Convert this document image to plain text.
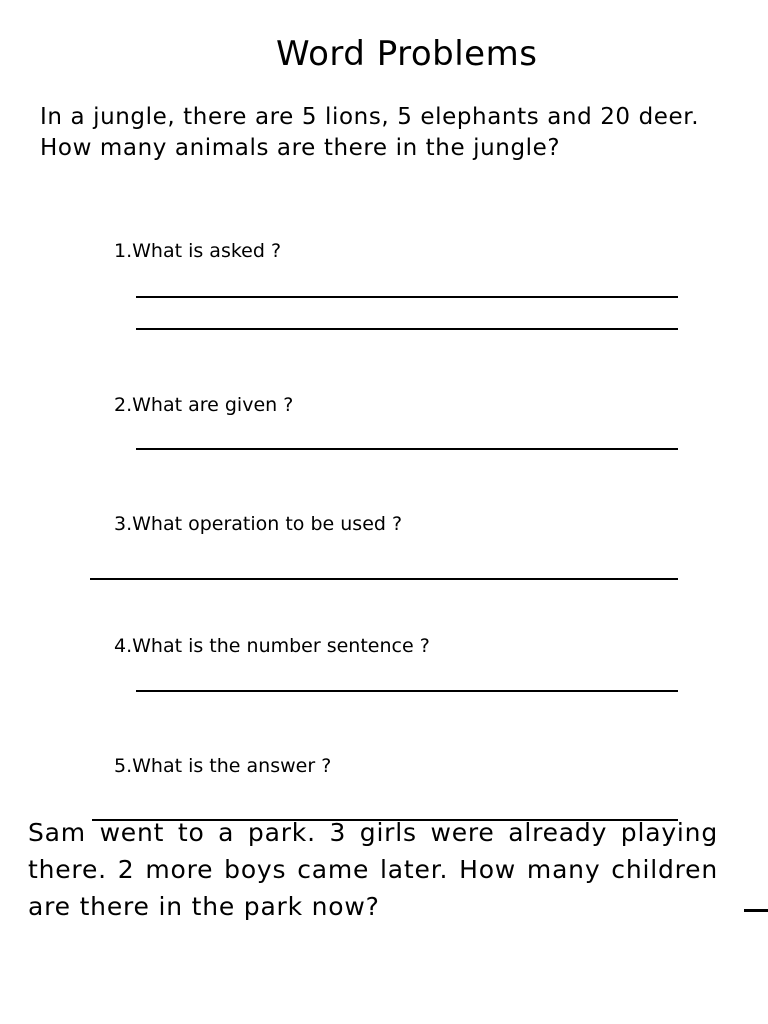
Word Problems

In a jungle, there are 5 lions, 5 elephants and 20 deer. How many animals are there in the jungle?

1.What is asked ?
2.What are given ?
3.What operation to be used ?
4.What is the number sentence ?
5.What is the answer ?

Sam went to a park. 3 girls were already playing there. 2 more boys came later. How many children are there in the park now?
